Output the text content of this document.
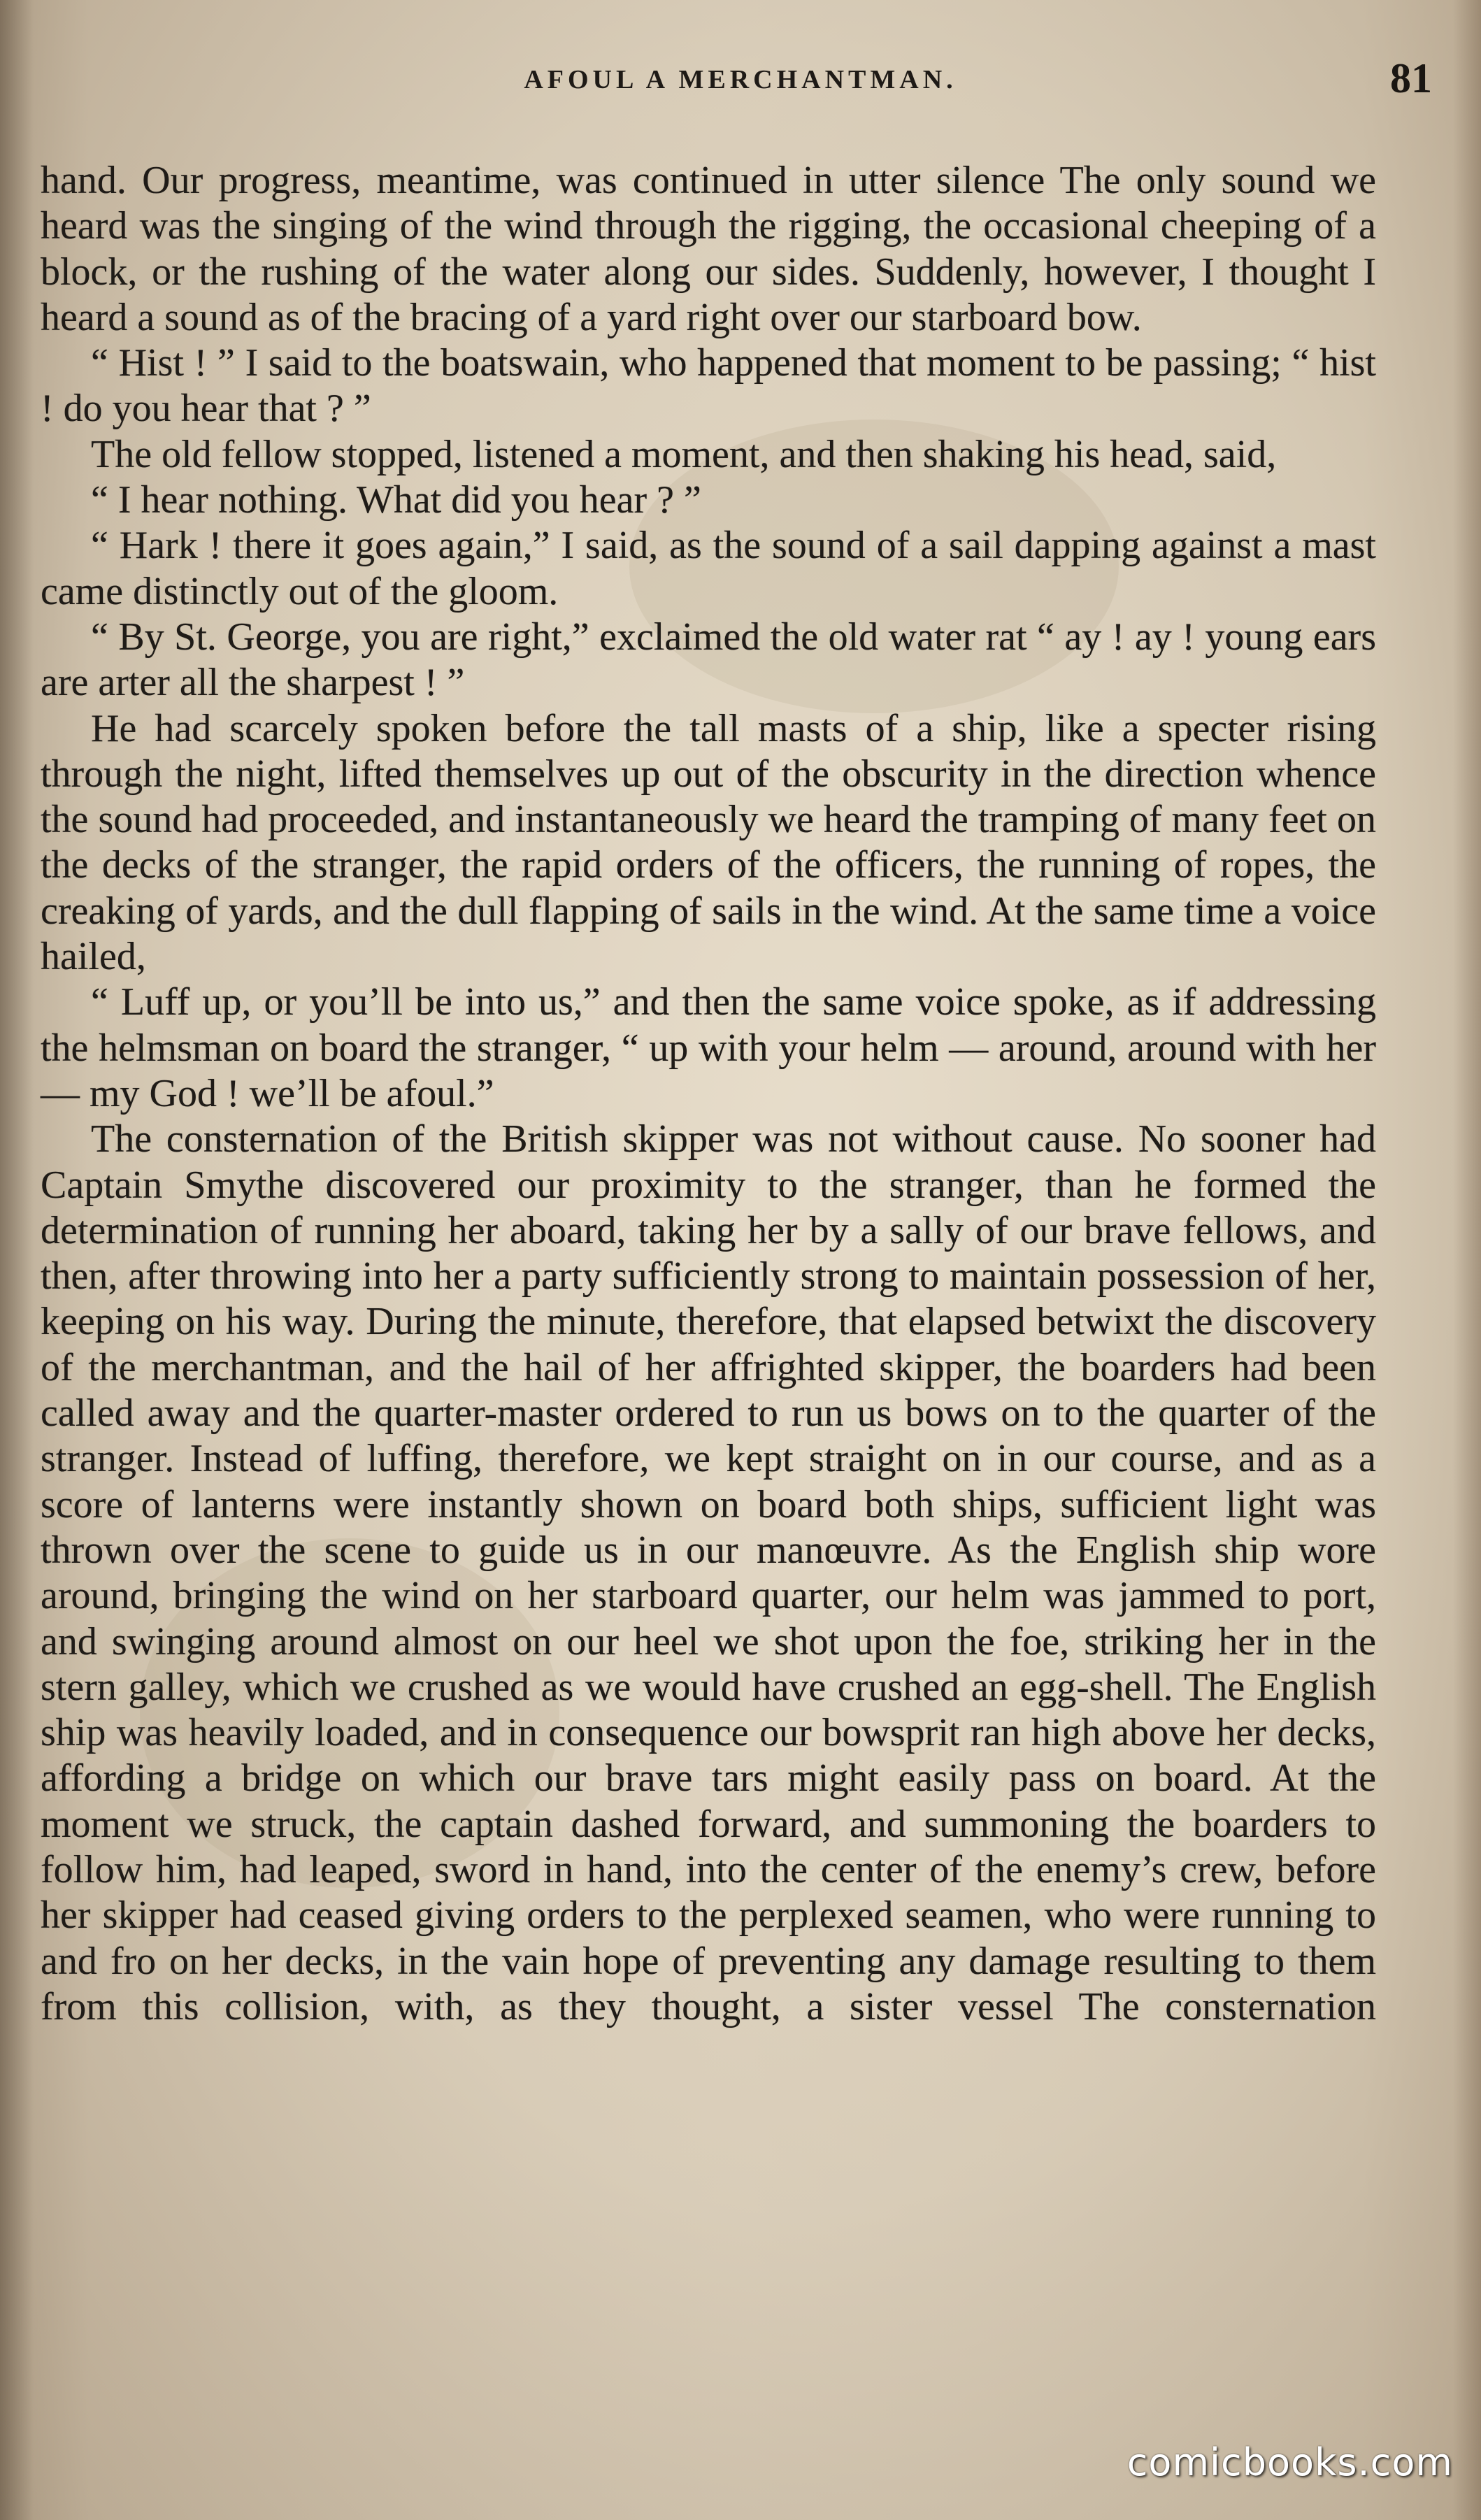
AFOUL A MERCHANTMAN.	81

hand. Our progress, meantime, was continued in utter silence The only sound we heard was the singing of the wind through the rigging, the occasional cheeping of a block, or the rushing of the water along our sides. Suddenly, however, I thought I heard a sound as of the bracing of a yard right over our starboard bow.

“ Hist ! ” I said to the boatswain, who happened that moment to be passing; “ hist ! do you hear that ? ”

The old fellow stopped, listened a moment, and then shaking his head, said,

“ I hear nothing. What did you hear ? ”

“ Hark ! there it goes again,” I said, as the sound of a sail dapping against a mast came distinctly out of the gloom.

“ By St. George, you are right,” exclaimed the old water rat “ ay ! ay ! young ears are arter all the sharpest ! ”

He had scarcely spoken before the tall masts of a ship, like a specter rising through the night, lifted themselves up out of the obscurity in the direction whence the sound had proceeded, and instantaneously we heard the tramping of many feet on the decks of the stranger, the rapid orders of the officers, the running of ropes, the creaking of yards, and the dull flapping of sails in the wind. At the same time a voice hailed,

“ Luff up, or you’ll be into us,” and then the same voice spoke, as if addressing the helmsman on board the stranger, “ up with your helm — around, around with her — my God ! we’ll be afoul.”

The consternation of the British skipper was not without cause. No sooner had Captain Smythe discovered our proximity to the stranger, than he formed the determination of running her aboard, taking her by a sally of our brave fellows, and then, after throwing into her a party sufficiently strong to maintain possession of her, keeping on his way. During the minute, therefore, that elapsed betwixt the discovery of the merchantman, and the hail of her affrighted skipper, the boarders had been called away and the quarter-master ordered to run us bows on to the quarter of the stranger. Instead of luffing, therefore, we kept straight on in our course, and as a score of lanterns were instantly shown on board both ships, sufficient light was thrown over the scene to guide us in our manœuvre. As the English ship wore around, bringing the wind on her starboard quarter, our helm was jammed to port, and swinging around almost on our heel we shot upon the foe, striking her in the stern galley, which we crushed as we would have crushed an egg-shell. The English ship was heavily loaded, and in consequence our bowsprit ran high above her decks, affording a bridge on which our brave tars might easily pass on board. At the moment we struck, the captain dashed forward, and summoning the boarders to follow him, had leaped, sword in hand, into the center of the enemy’s crew, before her skipper had ceased giving orders to the perplexed seamen, who were running to and fro on her decks, in the vain hope of preventing any damage resulting to them from this collision, with, as they thought, a sister vessel The consternation

comicbooks.com
